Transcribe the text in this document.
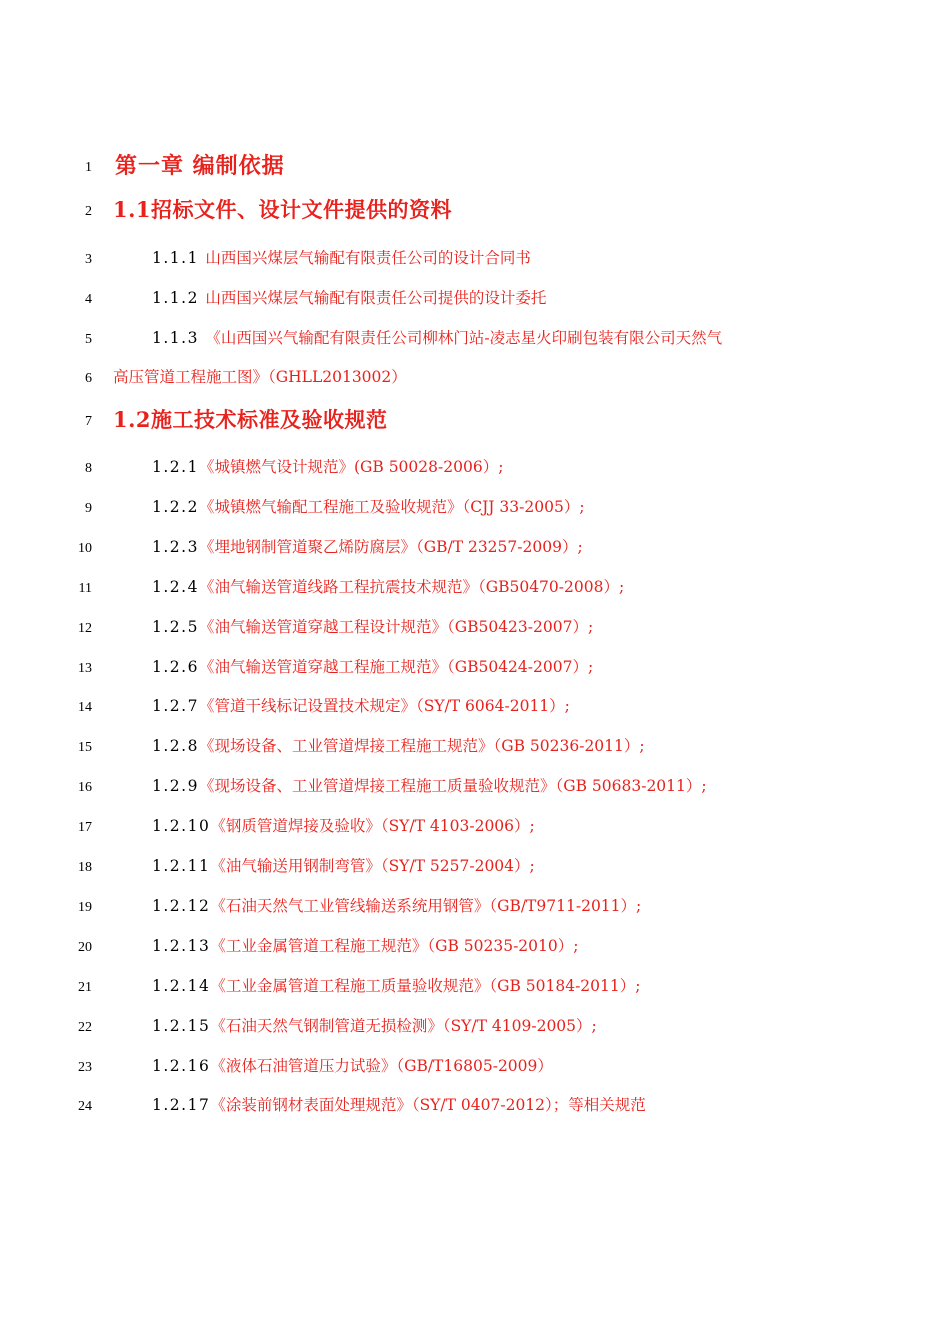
1 第一章 编制依据
2 1.1招标文件、设计文件提供的资料
3	1.1.1 山西国兴煤层气输配有限责任公司的设计合同书
4	1.1.2 山西国兴煤层气输配有限责任公司提供的设计委托
5	1.1.3 《山西国兴气输配有限责任公司柳林门站-凌志星火印刷包装有限公司天然气
6 高压管道工程施工图》（GHLL2013002）
7 1.2施工技术标准及验收规范
8	1.2.1《城镇燃气设计规范》(GB 50028-2006）;
9	1.2.2《城镇燃气输配工程施工及验收规范》（CJJ 33-2005）;
10	1.2.3《埋地钢制管道聚乙烯防腐层》（GB/T 23257-2009）;
11	1.2.4《油气输送管道线路工程抗震技术规范》（GB50470-2008）;
12	1.2.5《油气输送管道穿越工程设计规范》（GB50423-2007）;
13	1.2.6《油气输送管道穿越工程施工规范》（GB50424-2007）;
14	1.2.7《管道干线标记设置技术规定》（SY/T 6064-2011）;
15	1.2.8《现场设备、工业管道焊接工程施工规范》（GB 50236-2011）;
16	1.2.9《现场设备、工业管道焊接工程施工质量验收规范》（GB 50683-2011）;
17	1.2.10《钢质管道焊接及验收》（SY/T 4103-2006）;
18	1.2.11《油气输送用钢制弯管》（SY/T 5257-2004）;
19	1.2.12《石油天然气工业管线输送系统用钢管》（GB/T9711-2011）;
20	1.2.13《工业金属管道工程施工规范》（GB 50235-2010）;
21	1.2.14《工业金属管道工程施工质量验收规范》（GB 50184-2011）;
22	1.2.15《石油天然气钢制管道无损检测》（SY/T 4109-2005）;
23	1.2.16《液体石油管道压力试验》（GB/T16805-2009）
24	1.2.17《涂装前钢材表面处理规范》（SY/T 0407-2012）；等相关规范
